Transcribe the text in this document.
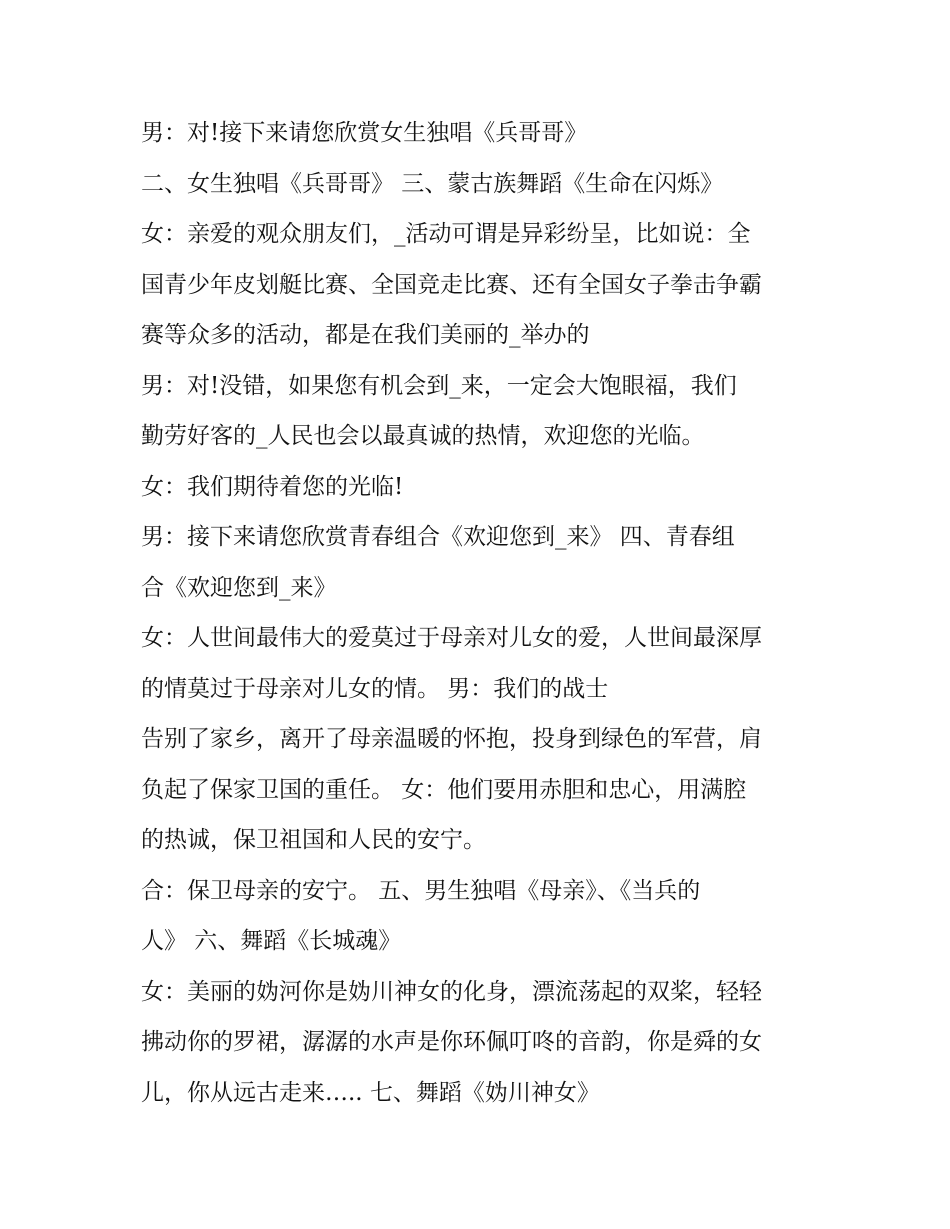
男：对!接下来请您欣赏女生独唱《兵哥哥》

二、女生独唱《兵哥哥》 三、蒙古族舞蹈《生命在闪烁》

女：亲爱的观众朋友们，_活动可谓是异彩纷呈，比如说：全

国青少年皮划艇比赛、全国竞走比赛、还有全国女子拳击争霸

赛等众多的活动，都是在我们美丽的_举办的

男：对!没错，如果您有机会到_来，一定会大饱眼福，我们

勤劳好客的_人民也会以最真诚的热情，欢迎您的光临。

女：我们期待着您的光临!

男：接下来请您欣赏青春组合《欢迎您到_来》 四、青春组

合《欢迎您到_来》

女：人世间最伟大的爱莫过于母亲对儿女的爱，人世间最深厚

的情莫过于母亲对儿女的情。 男：我们的战士

告别了家乡，离开了母亲温暖的怀抱，投身到绿色的军营，肩

负起了保家卫国的重任。 女：他们要用赤胆和忠心，用满腔

的热诚，保卫祖国和人民的安宁。

合：保卫母亲的安宁。 五、男生独唱《母亲》、《当兵的

人》 六、舞蹈《长城魂》

女：美丽的妫河你是妫川神女的化身，漂流荡起的双桨，轻轻

拂动你的罗裙，潺潺的水声是你环佩叮咚的音韵，你是舜的女

儿，你从远古走来….. 七、舞蹈《妫川神女》
